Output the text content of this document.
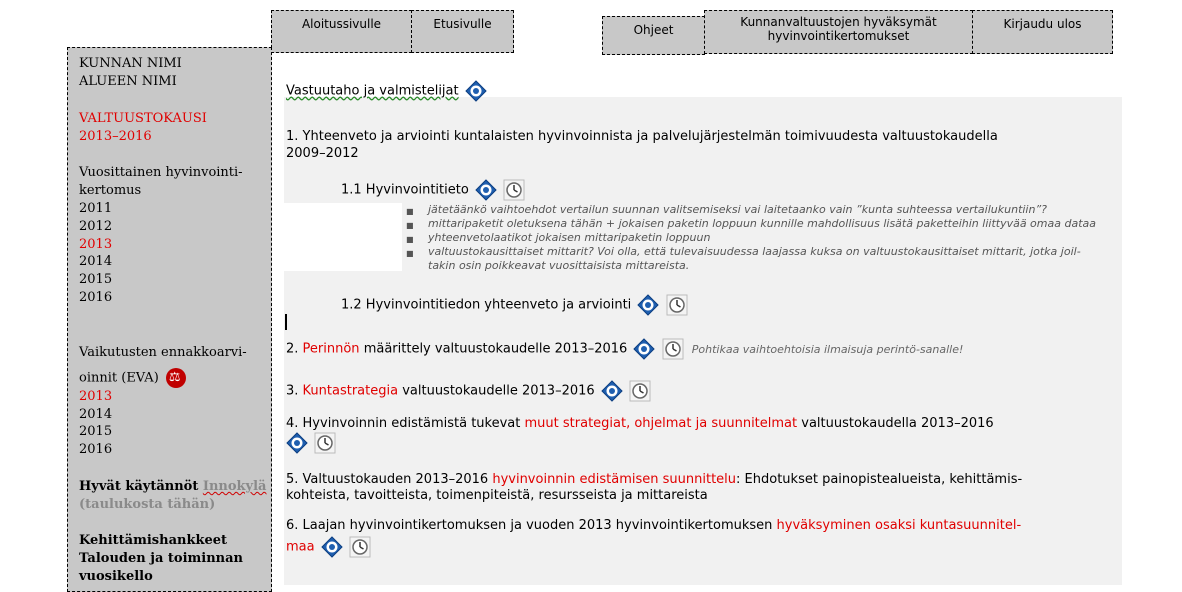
Aloitussivulle	Etusivulle	Ohjeet
Kunnanvaltuustojen hyväksymät hyvinvointikertomukset
Kirjaudu ulos
KUNNAN NIMI
ALUEEN NIMI
VALTUUSTOKAUSI
2013–2016
Vuosittainen hyvinvointi-
kertomus
2011
2012
2013
2014
2015
2016
Vaikutusten ennakkoarvi-
oinnit (EVA) ⚖
2013
2014
2015
2016
Hyvät käytännöt Innokylä
(taulukosta tähän)
Kehittämishankkeet
Talouden ja toiminnan
vuosikello
Vastuutaho ja valmistelijat
1. Yhteenveto ja arviointi kuntalaisten hyvinvoinnista ja palvelujärjestelmän toimivuudesta valtuustokaudella
2009–2012
1.1 Hyvinvointitieto

■ jätetäänkö vaihtoehdot vertailun suunnan valitsemiseksi vai laitetaanko vain ”kunta suhteessa vertailukuntiin”?
■ mittaripaketit oletuksena tähän + jokaisen paketin loppuun kunnille mahdollisuus lisätä paketteihin liittyvää omaa dataa
■ yhteenvetolaatikot jokaisen mittaripaketin loppuun
■ valtuustokausittaiset mittarit? Voi olla, että tulevaisuudessa laajassa kuksa on valtuustokausittaiset mittarit, jotka joil-
takin osin poikkeavat vuosittaisista mittareista.
1.2 Hyvinvointitiedon yhteenveto ja arviointi

2. Perinnön määrittely valtuustokaudelle 2013–2016
	Pohtikaa vaihtoehtoisia ilmaisuja perintö-sanalle!
3. Kuntastrategia valtuustokaudelle 2013–2016

4. Hyvinvoinnin edistämistä tukevat muut strategiat, ohjelmat ja suunnitelmat valtuustokaudella 2013–2016

5. Valtuustokauden 2013–2016 hyvinvoinnin edistämisen suunnittelu: Ehdotukset painopistealueista, kehittämis-
kohteista, tavoitteista, toimenpiteistä, resursseista ja mittareista
6. Laajan hyvinvointikertomuksen ja vuoden 2013 hyvinvointikertomuksen hyväksyminen osaksi kuntasuunnitel-
maa
